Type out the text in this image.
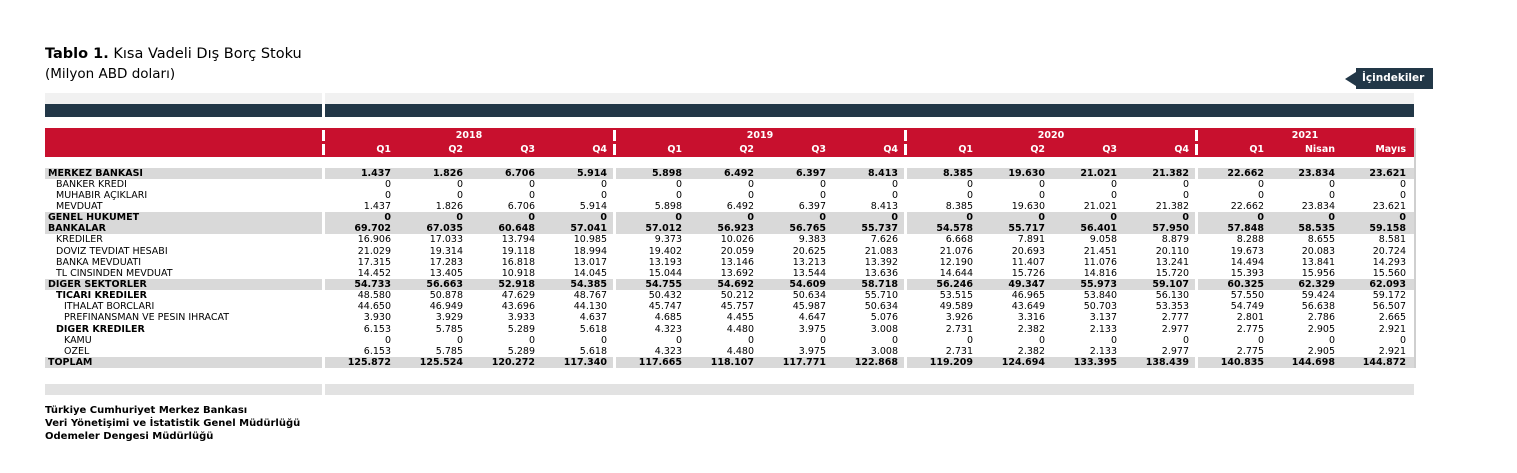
Tablo 1. Kısa Vadeli Dış Borç Stoku
(Milyon ABD doları)	İçindekiler
2018	2019	2020	2021
Q1	Q2	Q3	Q4	Q1	Q2	Q3	Q4	Q1	Q2	Q3	Q4	Q1	Nisan	Mayıs
MERKEZ BANKASI	1.437	1.826	6.706	5.914	5.898	6.492	6.397	8.413	8.385	19.630	21.021	21.382	22.662	23.834	23.621
BANKER KREDI	0	0	0	0	0	0	0	0	0	0	0	0	0	0	0
MUHABIR AÇIKLARI	0	0	0	0	0	0	0	0	0	0	0	0	0	0	0
MEVDUAT	1.437	1.826	6.706	5.914	5.898	6.492	6.397	8.413	8.385	19.630	21.021	21.382	22.662	23.834	23.621
GENEL HUKUMET	0	0	0	0	0	0	0	0	0	0	0	0	0	0	0
BANKALAR	69.702	67.035	60.648	57.041	57.012	56.923	56.765	55.737	54.578	55.717	56.401	57.950	57.848	58.535	59.158
KREDILER	16.906	17.033	13.794	10.985	9.373	10.026	9.383	7.626	6.668	7.891	9.058	8.879	8.288	8.655	8.581
DOVIZ TEVDIAT HESABI	21.029	19.314	19.118	18.994	19.402	20.059	20.625	21.083	21.076	20.693	21.451	20.110	19.673	20.083	20.724
BANKA MEVDUATI	17.315	17.283	16.818	13.017	13.193	13.146	13.213	13.392	12.190	11.407	11.076	13.241	14.494	13.841	14.293
TL CINSINDEN MEVDUAT	14.452	13.405	10.918	14.045	15.044	13.692	13.544	13.636	14.644	15.726	14.816	15.720	15.393	15.956	15.560
DIGER SEKTORLER	54.733	56.663	52.918	54.385	54.755	54.692	54.609	58.718	56.246	49.347	55.973	59.107	60.325	62.329	62.093
TICARI KREDILER	48.580	50.878	47.629	48.767	50.432	50.212	50.634	55.710	53.515	46.965	53.840	56.130	57.550	59.424	59.172
ITHALAT BORCLARI	44.650	46.949	43.696	44.130	45.747	45.757	45.987	50.634	49.589	43.649	50.703	53.353	54.749	56.638	56.507
PREFINANSMAN VE PESIN IHRACAT	3.930	3.929	3.933	4.637	4.685	4.455	4.647	5.076	3.926	3.316	3.137	2.777	2.801	2.786	2.665
DIGER KREDILER	6.153	5.785	5.289	5.618	4.323	4.480	3.975	3.008	2.731	2.382	2.133	2.977	2.775	2.905	2.921
KAMU	0	0	0	0	0	0	0	0	0	0	0	0	0	0	0
OZEL	6.153	5.785	5.289	5.618	4.323	4.480	3.975	3.008	2.731	2.382	2.133	2.977	2.775	2.905	2.921
TOPLAM	125.872	125.524	120.272	117.340	117.665	118.107	117.771	122.868	119.209	124.694	133.395	138.439	140.835	144.698	144.872
Türkiye Cumhuriyet Merkez Bankası
Veri Yönetişimi ve İstatistik Genel Müdürlüğü
Odemeler Dengesi Müdürlüğü
